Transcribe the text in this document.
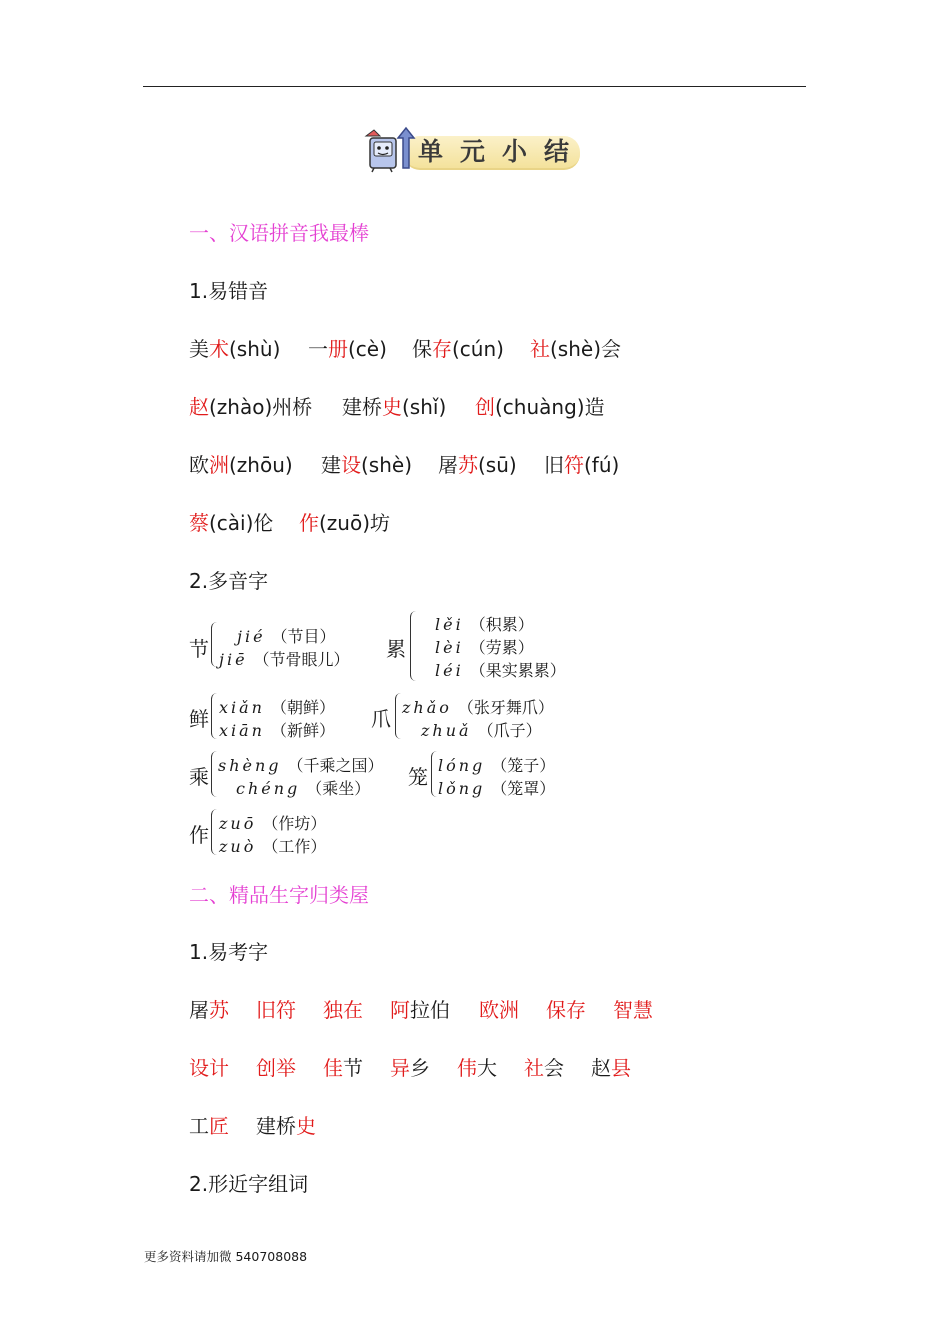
单元小结
一、汉语拼音我最棒
1.易错音
美术(shù) 一册(cè) 保存(cún) 社(shè)会
赵(zhào)州桥 建桥史(shǐ) 创(chuàng)造
欧洲(zhōu) 建设(shè) 屠苏(sū) 旧符(fú)
蔡(cài)伦 作(zuō)坊
2.多音字
节
jié （节目）
jiē （节骨眼儿） 累
lěi （积累）
lèi （劳累）
léi （果实累累）
鲜 xiǎn （朝鲜）
xiān （新鲜） 爪 zhǎo （张牙舞爪）
zhuǎ （爪子）
乘 shèng （千乘之国）
chéng （乘坐） 笼 lóng （笼子）
lǒng （笼罩）
作 zuō （作坊）
zuò （工作）
二、精品生字归类屋
1.易考字
屠苏 旧符 独在 阿拉伯 欧洲 保存 智慧
设计 创举 佳节 异乡 伟大 社会 赵县
工匠 建桥史
2.形近字组词
更多资料请加微 540708088
